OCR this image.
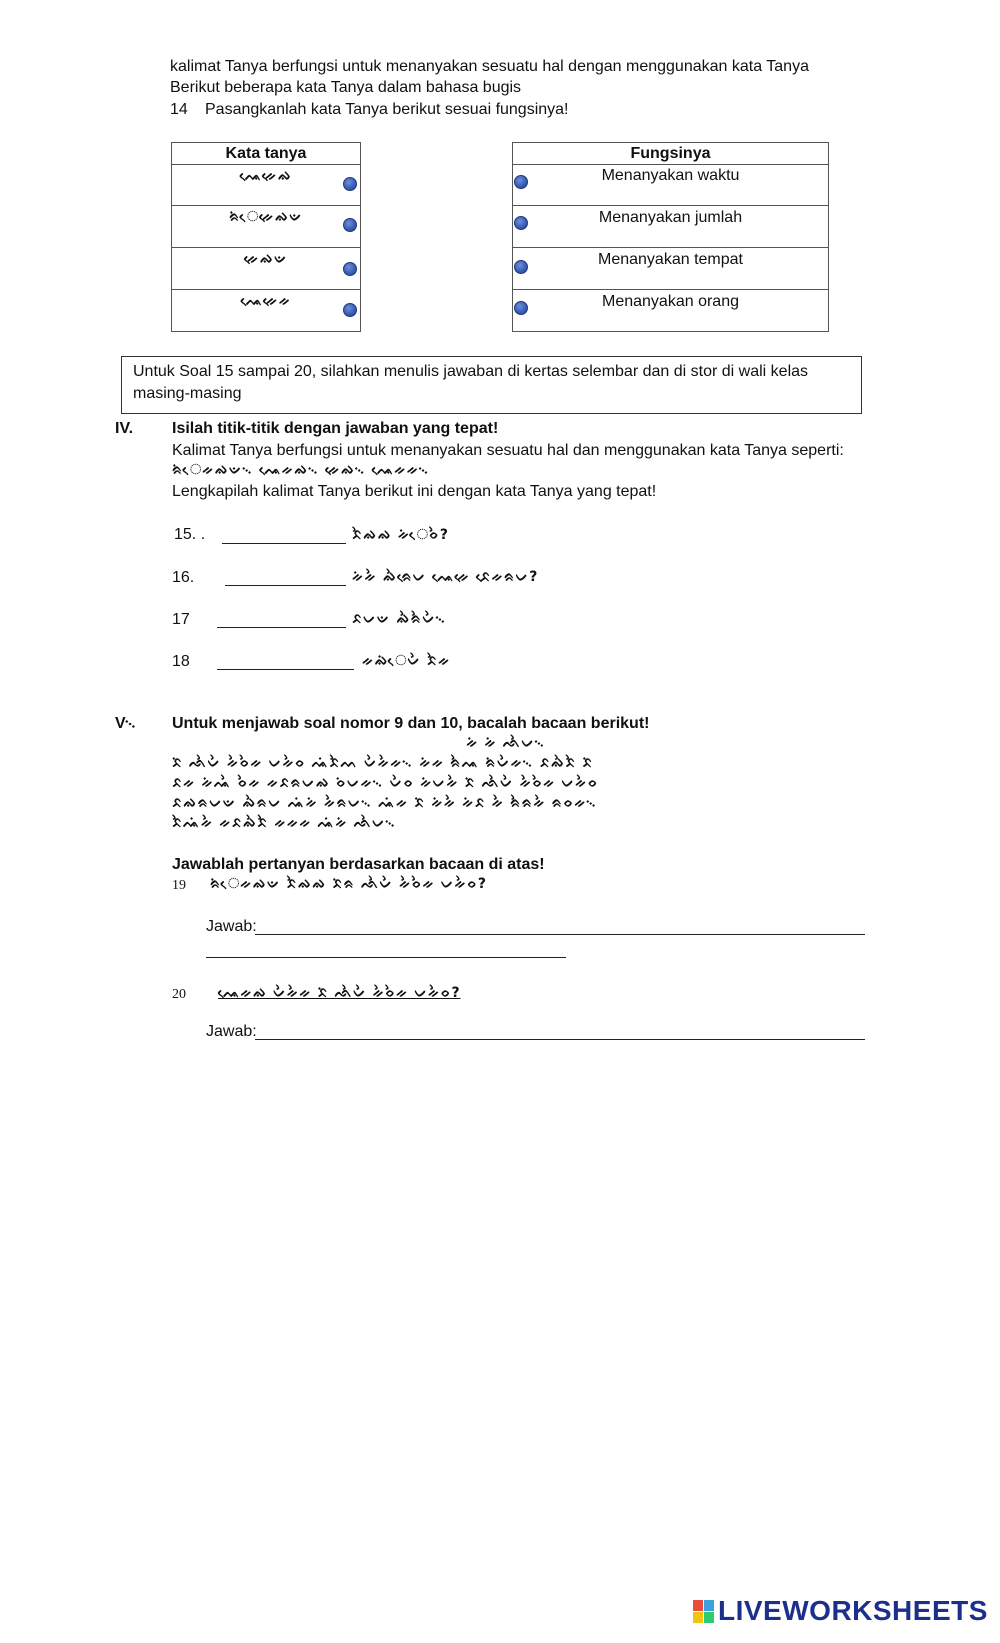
kalimat Tanya berfungsi untuk menanyakan sesuatu hal dengan menggunakan kata Tanya
Berikut beberapa kata Tanya dalam bahasa bugis
14 Pasangkanlah kata Tanya berikut sesuai fungsinya!
Kata tanya
ᨕᨙᨀᨙᨁ
ᨑᨗᨙᨀᨙᨁᨉ
ᨀᨙᨁᨉ
ᨕᨙᨀᨙᨀ
Fungsinya
Menanyakan waktu
Menanyakan jumlah
Menanyakan tempat
Menanyakan orang
Untuk Soal 15 sampai 20, silahkan menulis jawaban di kertas selembar dan di stor di wali kelas
masing-masing
IV. Isilah titik-titik dengan jawaban yang tepat!
Kalimat Tanya berfungsi untuk menanyakan sesuatu hal dan menggunakan kata Tanya seperti:
ᨑᨗᨙᨀᨁᨉ᨞ ᨕᨙᨀᨁ᨞ ᨀᨙᨁ᨞ ᨕᨙᨀᨀ᨞
Lengkapilah kalimat Tanya berikut ini dengan kata Tanya yang tepat!
15. .	ᨅᨛᨁᨁ ᨀᨗᨙᨔᨛ?
16.	ᨀᨗᨀᨛ ᨁᨛᨑᨙᨆ ᨕᨙᨀᨙ ᨅᨙᨀᨑᨆ?
17	ᨅᨆᨉ ᨁᨛᨑᨛᨆᨛ᨞
18	ᨀᨁᨗᨙᨆᨛ ᨅᨛᨀ
V᨞ Untuk menjawab soal nomor 9 dan 10, bacalah bacaan berikut!
ᨀᨗ ᨀᨗ ᨒᨛᨆ᨞
ᨅᨗ ᨒᨛᨆᨛ ᨀᨛᨔᨛᨀ ᨆᨀᨛᨔ ᨕᨗᨅᨛᨓ ᨆᨛᨀᨛᨀ᨞ ᨀᨗᨀ ᨑᨛᨕ ᨑᨗᨆᨛᨀ᨞ ᨅᨁᨛᨅᨛ ᨅᨗ
ᨅᨀ ᨀᨗᨕᨛ ᨔᨛᨀ ᨀᨅᨑᨆᨁ ᨔᨗᨆᨀ᨞ ᨆᨛᨔ ᨀᨗᨆᨀᨛ ᨅᨗ ᨒᨛᨆᨛ ᨀᨛᨔᨛᨀ ᨆᨀᨛᨔ
ᨅᨁᨑᨆᨉ ᨁᨛᨑᨆ ᨕᨗᨀᨗ ᨀᨛᨑᨆ᨞ ᨕᨗᨀ ᨅᨗ ᨀᨗᨀᨛ ᨀᨗᨅ ᨀᨛ ᨑᨛᨑᨀᨛ ᨑᨔᨀ᨞
ᨅᨛᨕᨗᨀᨛ ᨀᨅᨁᨛᨅᨛ ᨀᨀᨀ ᨕᨗᨀᨗ ᨒᨛᨆ᨞
Jawablah pertanyan berdasarkan bacaan di atas!
19 ᨑᨗᨙᨀᨁᨉ ᨅᨛᨁᨁ ᨅᨗᨑ ᨒᨛᨆᨛ ᨀᨛᨔᨛᨀ ᨆᨀᨛᨔ?
Jawab:
20 ᨕᨙᨀᨁ ᨆᨛᨀᨛᨀ ᨅᨗ ᨒᨛᨆᨛ ᨀᨛᨔᨛᨀ ᨆᨀᨛᨔ?
Jawab:
LIVEWORKSHEETS
